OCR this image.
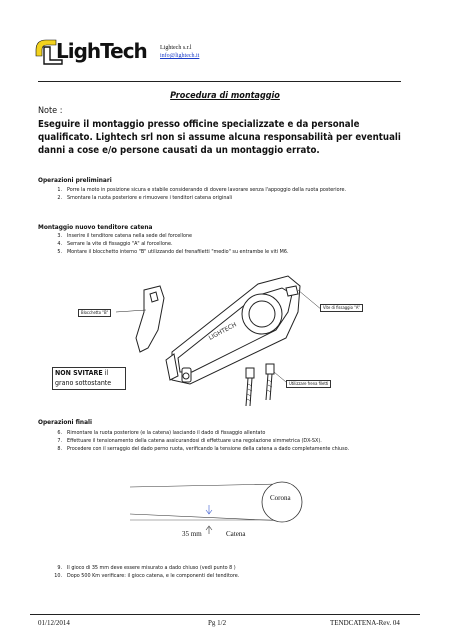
LighTech Lightech s.r.l
info@lightech.it
Procedura di montaggio
Note :
Eseguire il montaggio presso officine specializzate e da personale qualificato. Lightech srl non si assume alcuna responsabilità per eventuali danni a cose e/o persone causati da un montaggio errato.
Operazioni preliminari
1. Porre la moto in posizione sicura e stabile considerando di dovere lavorare senza l'appoggio della ruota posteriore.
2. Smontare la ruota posteriore e rimuovere i tenditori catena originali
Montaggio nuovo tenditore catena
3. Inserire il tenditore catena nella sede del forcellone
4. Serrare la vite di fissaggio "A" al forcellone.
5. Montare il blocchetto interno "B" utilizzando del frenafiletti "medio" su entrambe le viti M6.
LIGHTECH
Blocchetto "B"
Vite di fissaggio "A"
Utilizzare frena filetti
NON SVITARE il grano sottostante
Operazioni finali
6. Rimontare la ruota posteriore (e la catena) lasciando il dado di fissaggio allentato
7. Effettuare il tensionamento della catena assicurandosi di effettuare una regolazione simmetrica (DX-SX).
8. Procedere con il serraggio del dado perno ruota, verificando la tensione della catena a dado completamente chiuso.
Corona
35 mm	Catena
9. Il gioco di 35 mm deve essere misurato a dado chiuso (vedi punto 8 )
10. Dopo 500 Km verificare: il gioco catena, e le componenti del tenditore.
01/12/2014	Pg 1/2	TENDCATENA-Rev. 04
